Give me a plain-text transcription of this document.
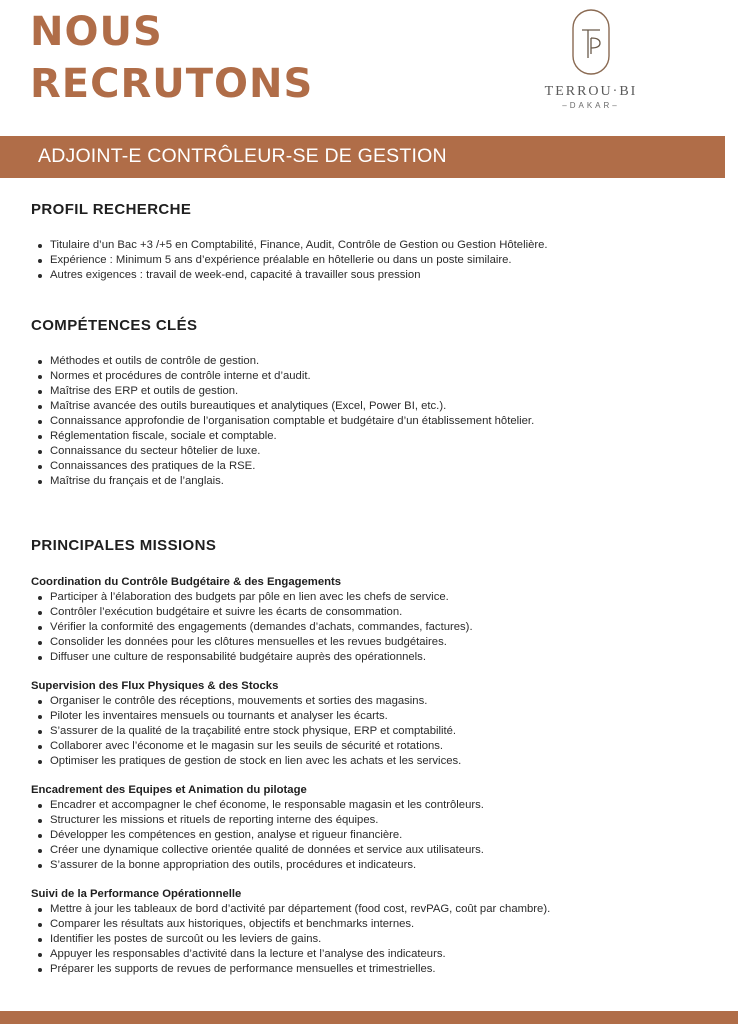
NOUS
RECRUTONS	TERROU·BI
–DAKAR–
ADJOINT-E CONTRÔLEUR-SE DE GESTION
PROFIL RECHERCHE
Titulaire d’un Bac +3 /+5 en Comptabilité, Finance, Audit, Contrôle de Gestion ou Gestion Hôtelière.
Expérience : Minimum 5 ans d’expérience préalable en hôtellerie ou dans un poste similaire.
Autres exigences : travail de week-end, capacité à travailler sous pression
COMPÉTENCES CLÉS
Méthodes et outils de contrôle de gestion.
Normes et procédures de contrôle interne et d’audit.
Maîtrise des ERP et outils de gestion.
Maîtrise avancée des outils bureautiques et analytiques (Excel, Power BI, etc.).
Connaissance approfondie de l’organisation comptable et budgétaire d’un établissement hôtelier.
Réglementation fiscale, sociale et comptable.
Connaissance du secteur hôtelier de luxe.
Connaissances des pratiques de la RSE.
Maîtrise du français et de l’anglais.
PRINCIPALES MISSIONS
Coordination du Contrôle Budgétaire & des Engagements
Participer à l’élaboration des budgets par pôle en lien avec les chefs de service.
Contrôler l’exécution budgétaire et suivre les écarts de consommation.
Vérifier la conformité des engagements (demandes d’achats, commandes, factures).
Consolider les données pour les clôtures mensuelles et les revues budgétaires.
Diffuser une culture de responsabilité budgétaire auprès des opérationnels.
Supervision des Flux Physiques & des Stocks
Organiser le contrôle des réceptions, mouvements et sorties des magasins.
Piloter les inventaires mensuels ou tournants et analyser les écarts.
S’assurer de la qualité de la traçabilité entre stock physique, ERP et comptabilité.
Collaborer avec l’économe et le magasin sur les seuils de sécurité et rotations.
Optimiser les pratiques de gestion de stock en lien avec les achats et les services.
Encadrement des Equipes et Animation du pilotage
Encadrer et accompagner le chef économe, le responsable magasin et les contrôleurs.
Structurer les missions et rituels de reporting interne des équipes.
Développer les compétences en gestion, analyse et rigueur financière.
Créer une dynamique collective orientée qualité de données et service aux utilisateurs.
S’assurer de la bonne appropriation des outils, procédures et indicateurs.
Suivi de la Performance Opérationnelle
Mettre à jour les tableaux de bord d’activité par département (food cost, revPAG, coût par chambre).
Comparer les résultats aux historiques, objectifs et benchmarks internes.
Identifier les postes de surcoût ou les leviers de gains.
Appuyer les responsables d’activité dans la lecture et l’analyse des indicateurs.
Préparer les supports de revues de performance mensuelles et trimestrielles.
